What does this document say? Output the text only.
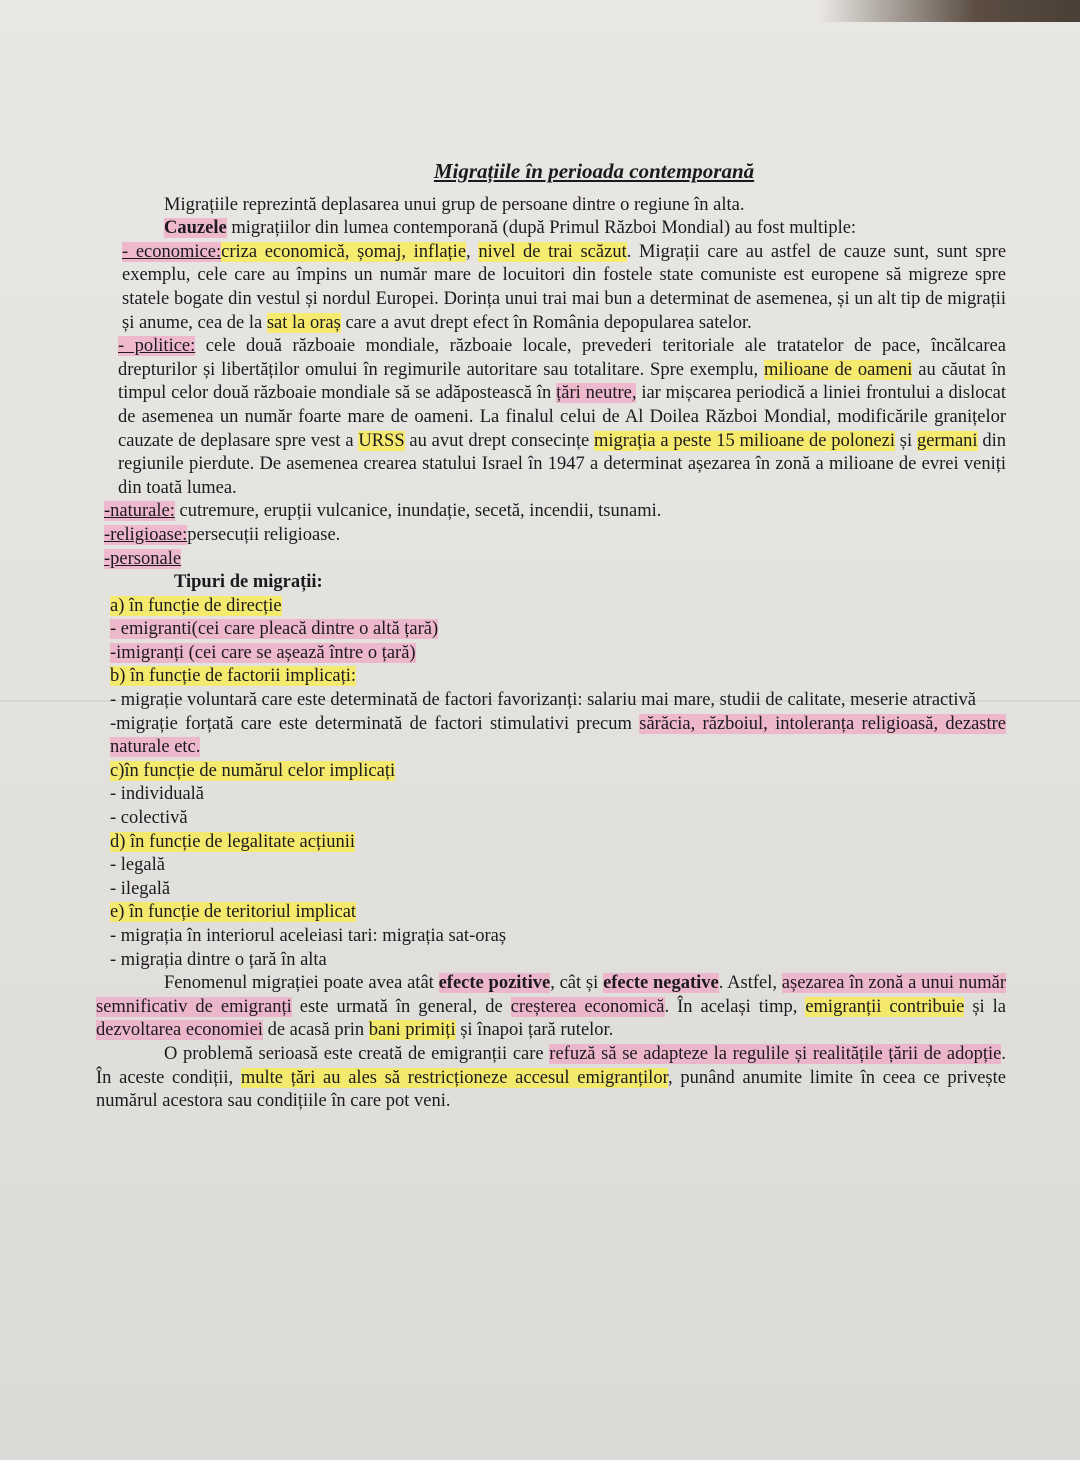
Migrațiile în perioada contemporană

Migrațiile reprezintă deplasarea unui grup de persoane dintre o regiune în alta.

Cauzele migrațiilor din lumea contemporană (după Primul Război Mondial) au fost multiple:

- economice:criza economică, șomaj, inflație, nivel de trai scăzut. Migrații care au astfel de cauze sunt, sunt spre exemplu, cele care au împins un număr mare de locuitori din fostele state comuniste est europene să migreze spre statele bogate din vestul și nordul Europei. Dorința unui trai mai bun a determinat de asemenea, și un alt tip de migrații și anume, cea de la sat la oraș care a avut drept efect în România depopularea satelor.

- politice: cele două războaie mondiale, războaie locale, prevederi teritoriale ale tratatelor de pace, încălcarea drepturilor și libertăților omului în regimurile autoritare sau totalitare. Spre exemplu, milioane de oameni au căutat în timpul celor două războaie mondiale să se adăpostească în țări neutre, iar mișcarea periodică a liniei frontului a dislocat de asemenea un număr foarte mare de oameni. La finalul celui de Al Doilea Război Mondial, modificările granițelor cauzate de deplasare spre vest a URSS au avut drept consecințe migrația a peste 15 milioane de polonezi și germani din regiunile pierdute. De asemenea crearea statului Israel în 1947 a determinat așezarea în zonă a milioane de evrei veniți din toată lumea.

-naturale: cutremure, erupții vulcanice, inundație, secetă, incendii, tsunami.

-religioase:persecuții religioase.

-personale

Tipuri de migrații:

a) în funcție de direcție

- emigranti(cei care pleacă dintre o altă țară)

-imigranți (cei care se așează între o țară)

b) în funcție de factorii implicați:

- migrație voluntară care este determinată de factori favorizanți: salariu mai mare, studii de calitate, meserie atractivă

-migrație forțată care este determinată de factori stimulativi precum sărăcia, războiul, intoleranța religioasă, dezastre naturale etc.

c)în funcție de numărul celor implicați

- individuală

- colectivă

d) în funcție de legalitate acțiunii

- legală

- ilegală

e) în funcție de teritoriul implicat

- migrația în interiorul aceleiasi tari: migrația sat-oraș

- migrația dintre o țară în alta

Fenomenul migrației poate avea atât efecte pozitive, cât și efecte negative. Astfel, așezarea în zonă a unui număr semnificativ de emigranți este urmată în general, de creșterea economică. În același timp, emigranții contribuie și la dezvoltarea economiei de acasă prin bani primiți și înapoi țară rutelor.

O problemă serioasă este creată de emigranții care refuză să se adapteze la regulile și realitățile țării de adopție. În aceste condiții, multe țări au ales să restricționeze accesul emigranților, punând anumite limite în ceea ce privește numărul acestora sau condițiile în care pot veni.
